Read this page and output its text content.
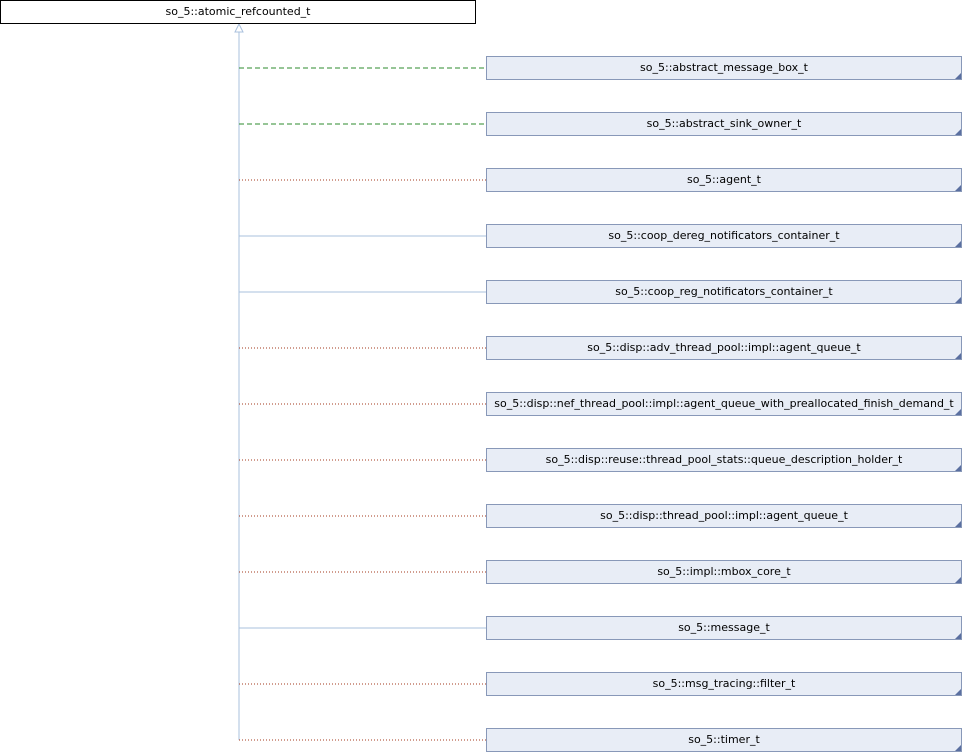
so_5::atomic_refcounted_t
so_5::abstract_message_box_t
so_5::abstract_sink_owner_t
so_5::agent_t
so_5::coop_dereg_notificators_container_t
so_5::coop_reg_notificators_container_t
so_5::disp::adv_thread_pool::impl::agent_queue_t
so_5::disp::nef_thread_pool::impl::agent_queue_with_preallocated_finish_demand_t
so_5::disp::reuse::thread_pool_stats::queue_description_holder_t
so_5::disp::thread_pool::impl::agent_queue_t
so_5::impl::mbox_core_t
so_5::message_t
so_5::msg_tracing::filter_t
so_5::timer_t
